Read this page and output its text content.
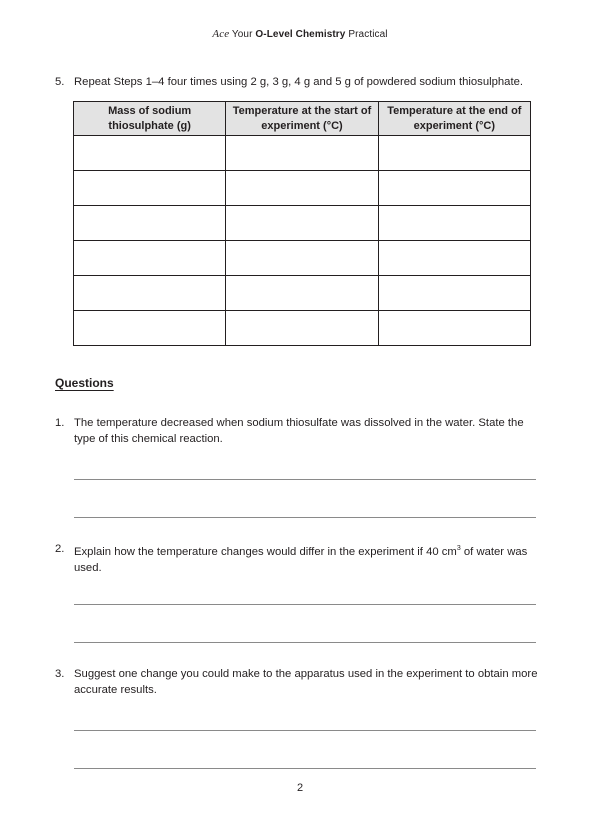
Ace Your O-Level Chemistry Practical
5. Repeat Steps 1–4 four times using 2 g, 3 g, 4 g and 5 g of powdered sodium thiosulphate.
Mass of sodium thiosulphate (g)	Temperature at the start of experiment (°C)	Temperature at the end of experiment (°C)

Questions
1. The temperature decreased when sodium thiosulfate was dissolved in the water. State the type of this chemical reaction.
2. Explain how the temperature changes would differ in the experiment if 40 $cm^3$ of water was used.
3. Suggest one change you could make to the apparatus used in the experiment to obtain more accurate results.
2
